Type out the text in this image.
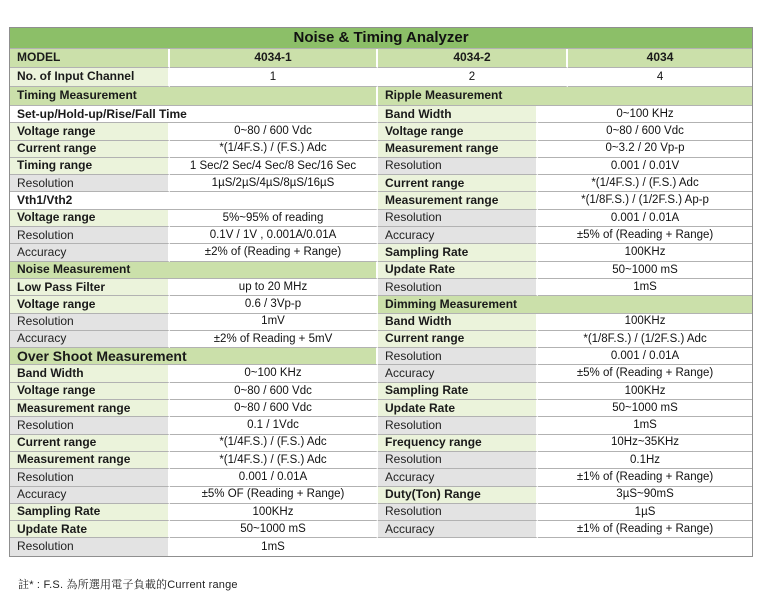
Noise & Timing Analyzer				
MODEL	4034-1	4034-2		4034
No. of Input Channel	1	2		4
Timing Measurement		Ripple Measurement		
Set-up/Hold-up/Rise/Fall Time		Band Width	0~100 KHz	
Voltage range	0~80 / 600 Vdc	Voltage range	0~80 / 600 Vdc	
Current range	*(1/4F.S.) / (F.S.) Adc	Measurement range	0~3.2 / 20 Vp-p	
Timing range	1 Sec/2 Sec/4 Sec/8 Sec/16 Sec	Resolution	0.001 / 0.01V	
Resolution	1µS/2µS/4µS/8µS/16µS	Current range	*(1/4F.S.) / (F.S.) Adc	
Vth1/Vth2		Measurement range	*(1/8F.S.) / (1/2F.S.) Ap-p	
Voltage range	5%~95% of reading	Resolution	0.001 / 0.01A	
Resolution	0.1V / 1V , 0.001A/0.01A	Accuracy	±5% of (Reading + Range)	
Accuracy	±2% of (Reading + Range)	Sampling Rate	100KHz	
Noise Measurement		Update Rate	50~1000 mS	
Low Pass Filter	up to 20 MHz	Resolution	1mS	
Voltage range	0.6 / 3Vp-p	Dimming Measurement		
Resolution	1mV	Band Width	100KHz	
Accuracy	±2% of Reading + 5mV	Current range	*(1/8F.S.) / (1/2F.S.) Adc	
Over Shoot Measurement		Resolution	0.001 / 0.01A	
Band Width	0~100 KHz	Accuracy	±5% of (Reading + Range)	
Voltage range	0~80 / 600 Vdc	Sampling Rate	100KHz	
Measurement range	0~80 / 600 Vdc	Update Rate	50~1000 mS	
Resolution	0.1 / 1Vdc	Resolution	1mS	
Current range	*(1/4F.S.) / (F.S.) Adc	Frequency range	10Hz~35KHz	
Measurement range	*(1/4F.S.) / (F.S.) Adc	Resolution	0.1Hz	
Resolution	0.001 / 0.01A	Accuracy	±1% of (Reading + Range)	
Accuracy	±5% OF (Reading + Range)	Duty(Ton) Range	3µS~90mS	
Sampling Rate	100KHz	Resolution	1µS	
Update Rate	50~1000 mS	Accuracy	±1% of (Reading + Range)	
Resolution	1mS			
註* : F.S. 為所選用電子負載的Current range
